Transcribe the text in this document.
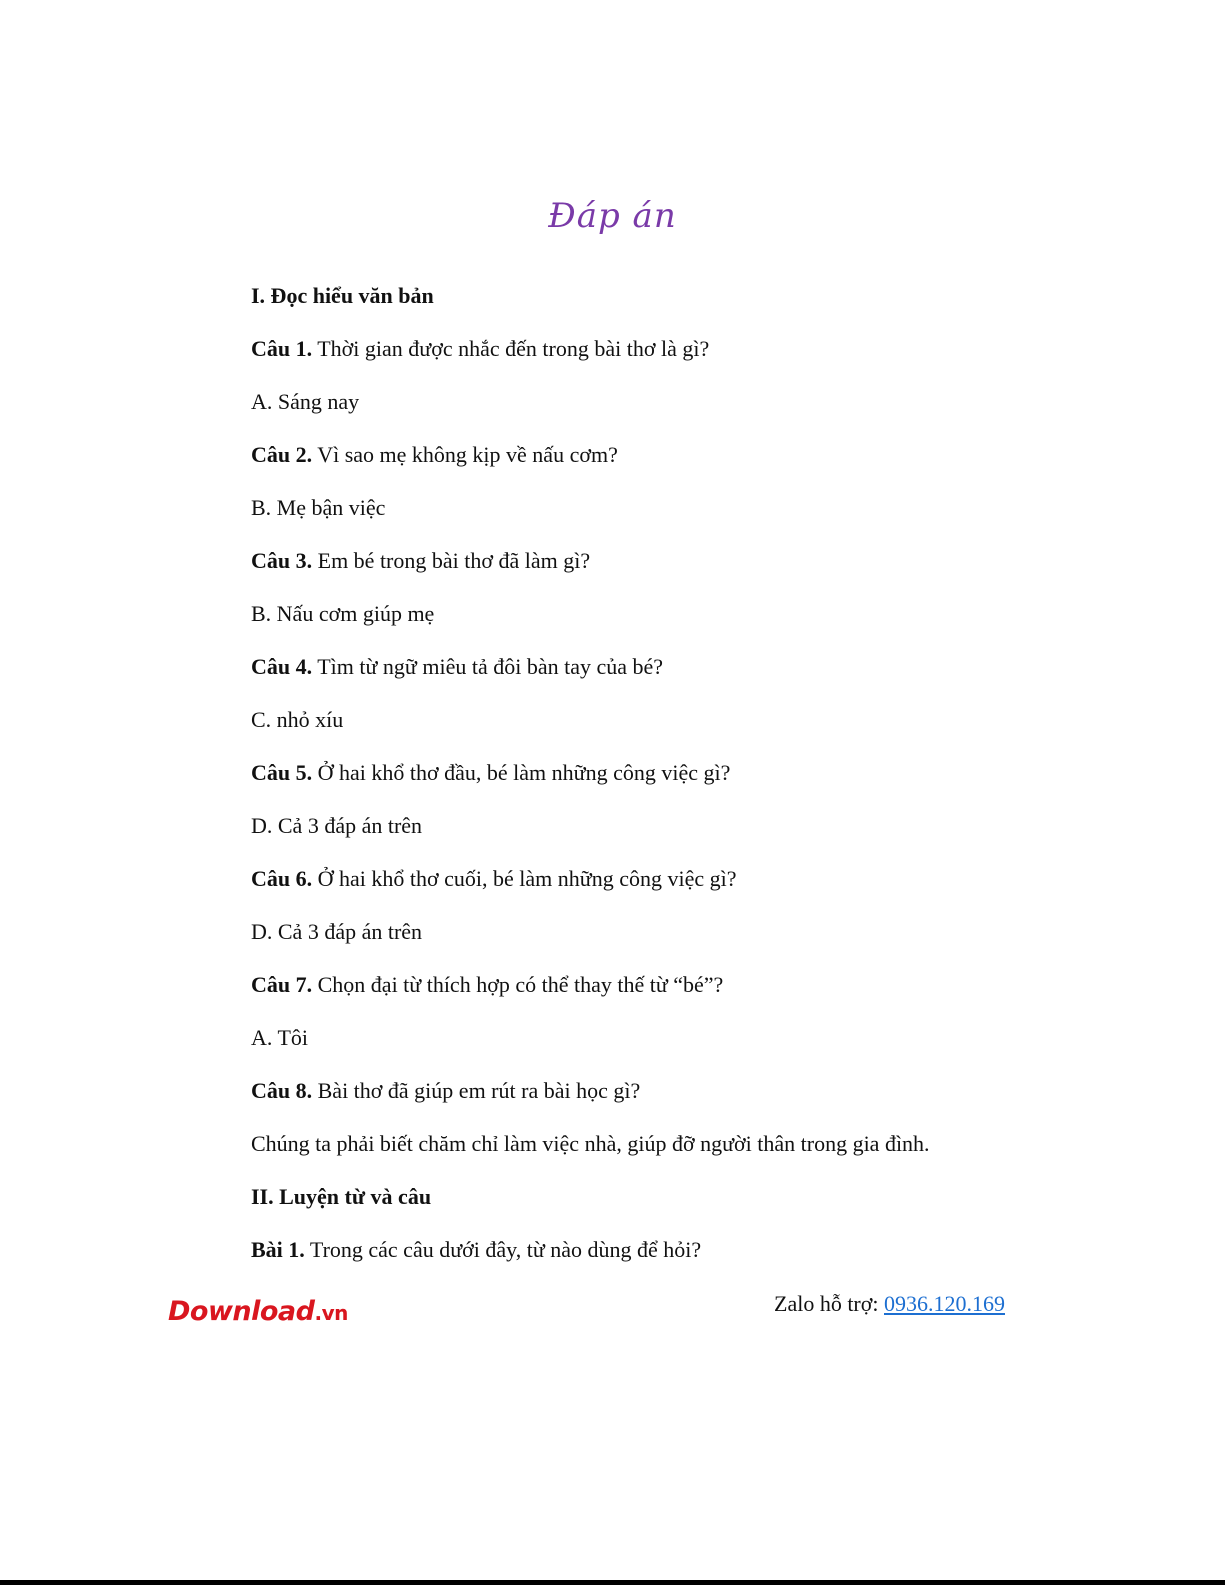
Đáp án
I. Đọc hiểu văn bản
Câu 1. Thời gian được nhắc đến trong bài thơ là gì?
A. Sáng nay
Câu 2. Vì sao mẹ không kịp về nấu cơm?
B. Mẹ bận việc
Câu 3. Em bé trong bài thơ đã làm gì?
B. Nấu cơm giúp mẹ
Câu 4. Tìm từ ngữ miêu tả đôi bàn tay của bé?
C. nhỏ xíu
Câu 5. Ở hai khổ thơ đầu, bé làm những công việc gì?
D. Cả 3 đáp án trên
Câu 6. Ở hai khổ thơ cuối, bé làm những công việc gì?
D. Cả 3 đáp án trên
Câu 7. Chọn đại từ thích hợp có thể thay thế từ “bé”?
A. Tôi
Câu 8. Bài thơ đã giúp em rút ra bài học gì?
Chúng ta phải biết chăm chỉ làm việc nhà, giúp đỡ người thân trong gia đình.
II. Luyện từ và câu
Bài 1. Trong các câu dưới đây, từ nào dùng để hỏi?
Download.vn	Zalo hỗ trợ: 0936.120.169
